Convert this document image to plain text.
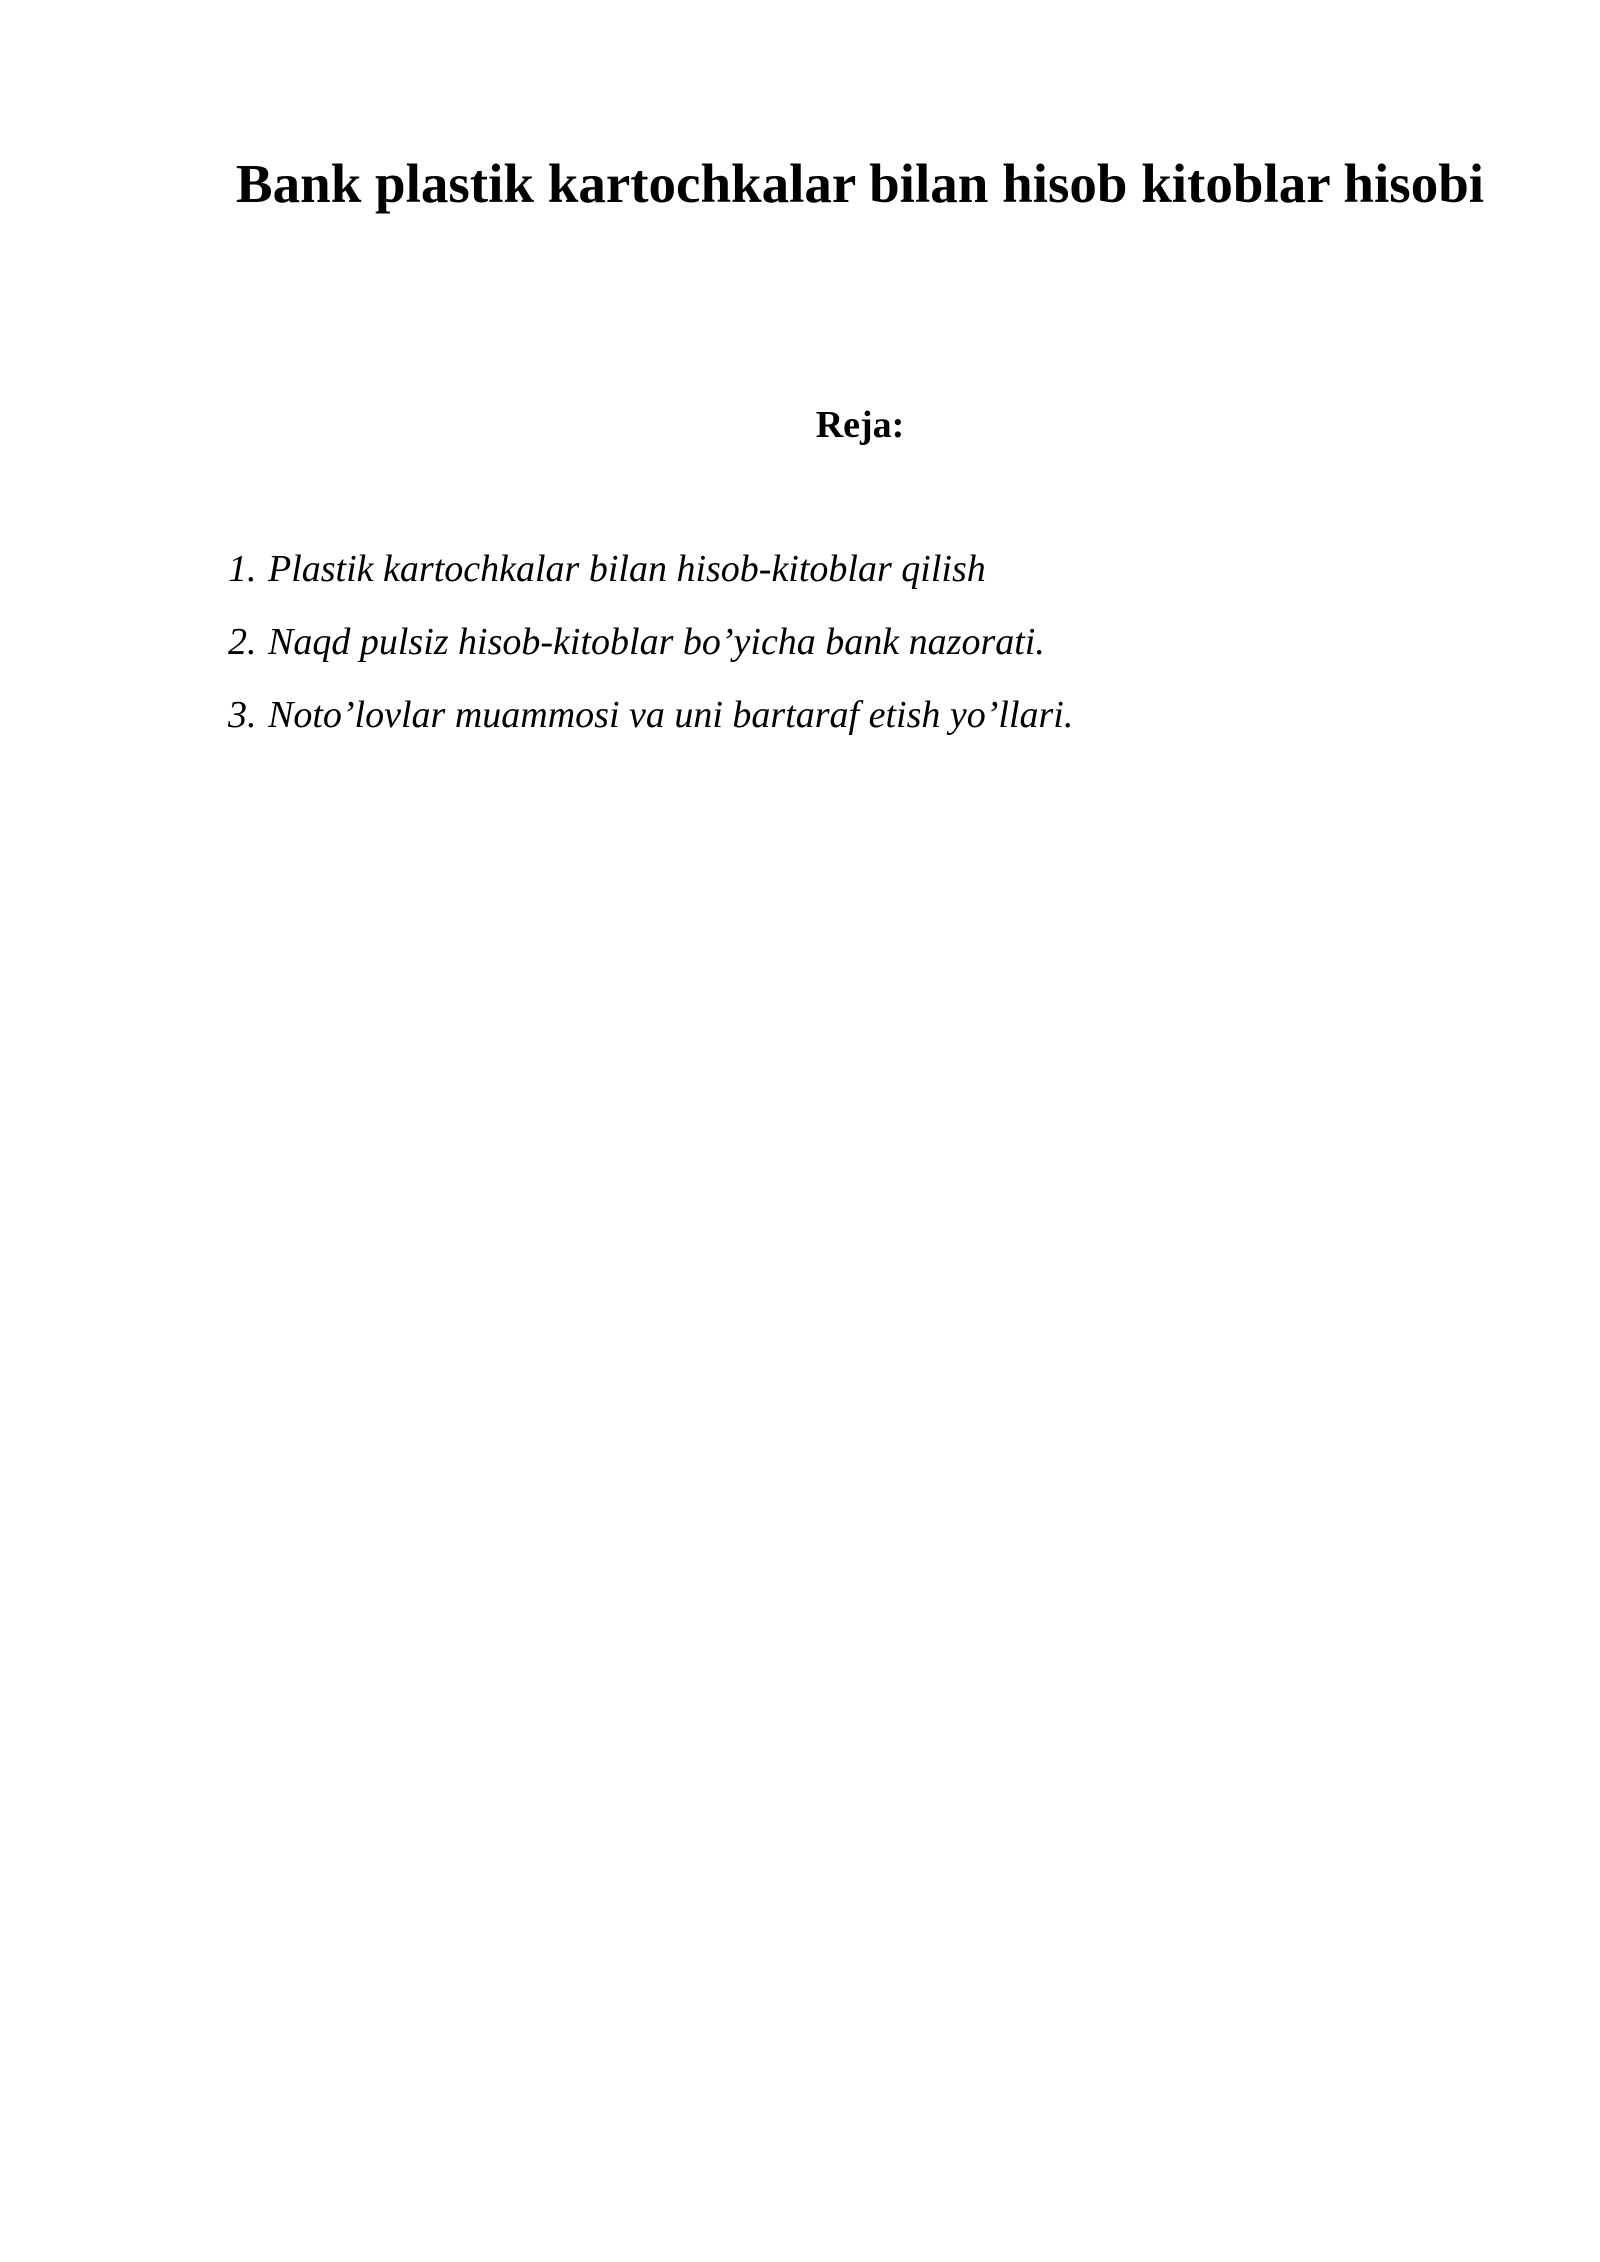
Bank plastik kartochkalar bilan hisob kitoblar hisobi
Reja:
1. Plastik kartochkalar bilan hisob-kitoblar qilish
2. Naqd pulsiz hisob-kitoblar bo’yicha bank nazorati.
3. Noto’lovlar muammosi va uni bartaraf etish yo’llari.
